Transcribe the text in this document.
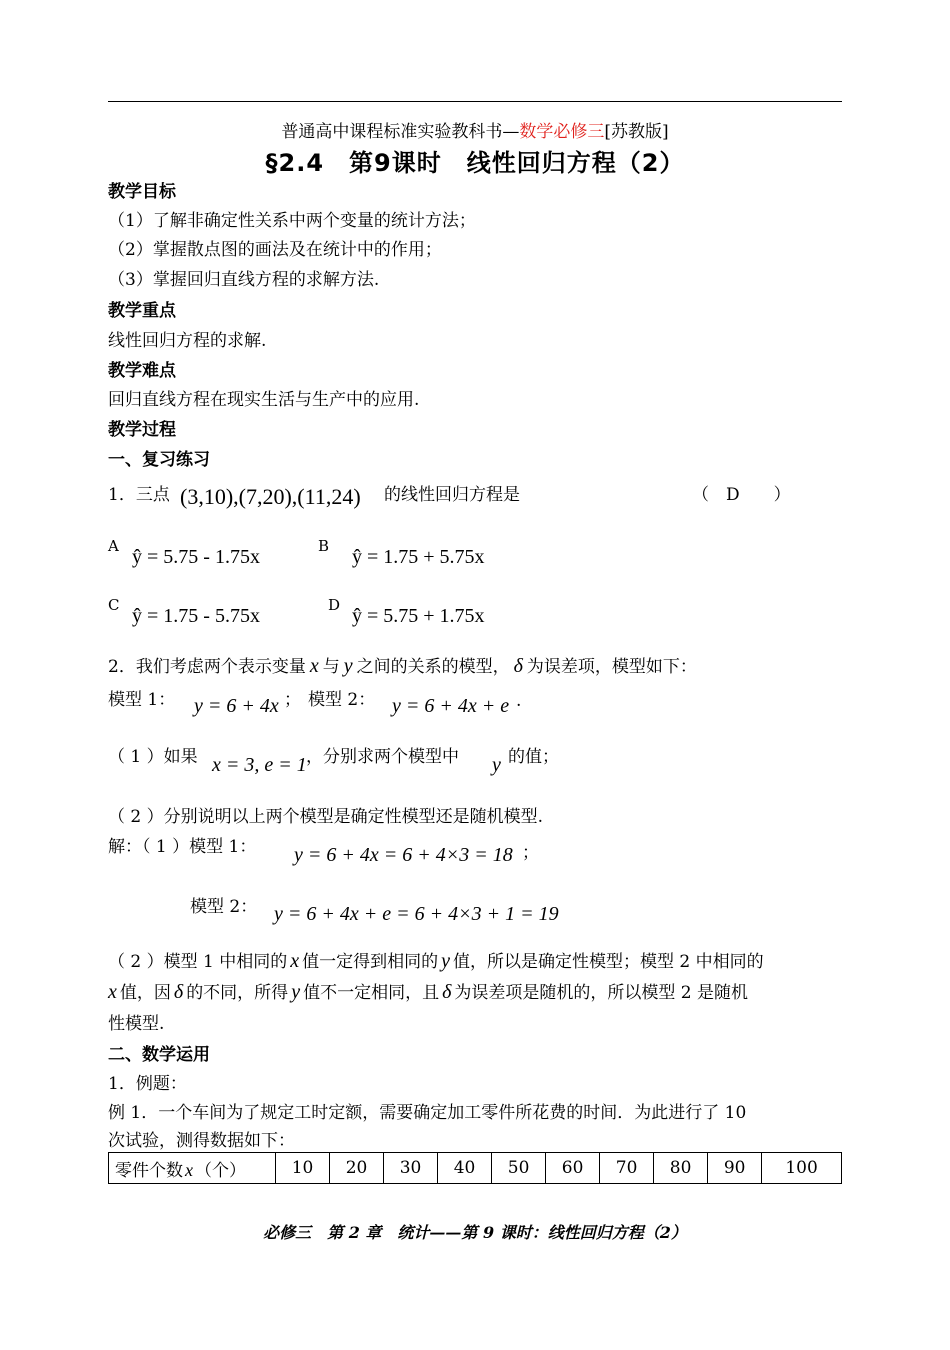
普通高中课程标准实验教科书—数学必修三[苏教版]
§2.4　第9课时　线性回归方程（2）
教学目标
（1）了解非确定性关系中两个变量的统计方法；
（2）掌握散点图的画法及在统计中的作用；
（3）掌握回归直线方程的求解方法.
教学重点
线性回归方程的求解.
教学难点
回归直线方程在现实生活与生产中的应用.
教学过程
一、复习练习
1．三点 (3,10),(7,20),(11,24) 的线性回归方程是	（　D　　）
A ŷ = 5.75 - 1.75x	B ŷ = 1.75 + 5.75x
C ŷ = 1.75 - 5.75x	D ŷ = 5.75 + 1.75x
2．我们考虑两个表示变量 x 与 y 之间的关系的模型， δ 为误差项，模型如下：
模型 1： y = 6 + 4x ； 模型 2： y = 6 + 4x + e .
（ 1 ）如果 x = 3, e = 1 ，分别求两个模型中 y 的值；
（ 2 ）分别说明以上两个模型是确定性模型还是随机模型.
解：（ 1 ）模型 1： y = 6 + 4x = 6 + 4×3 = 18 ；
模型 2： y = 6 + 4x + e = 6 + 4×3 + 1 = 19
（ 2 ）模型 1 中相同的 x 值一定得到相同的 y 值，所以是确定性模型；模型 2 中相同的
x 值，因 δ 的不同，所得 y 值不一定相同，且 δ 为误差项是随机的，所以模型 2 是随机
性模型.
二、数学运用
1．例题：
例 1．一个车间为了规定工时定额，需要确定加工零件所花费的时间．为此进行了 10
次试验，测得数据如下：
零件个数 x （个）	10	20	30	40	50	60	70	80	90	100
必修三　第 2 章　统计——第 9 课时：线性回归方程（2）
